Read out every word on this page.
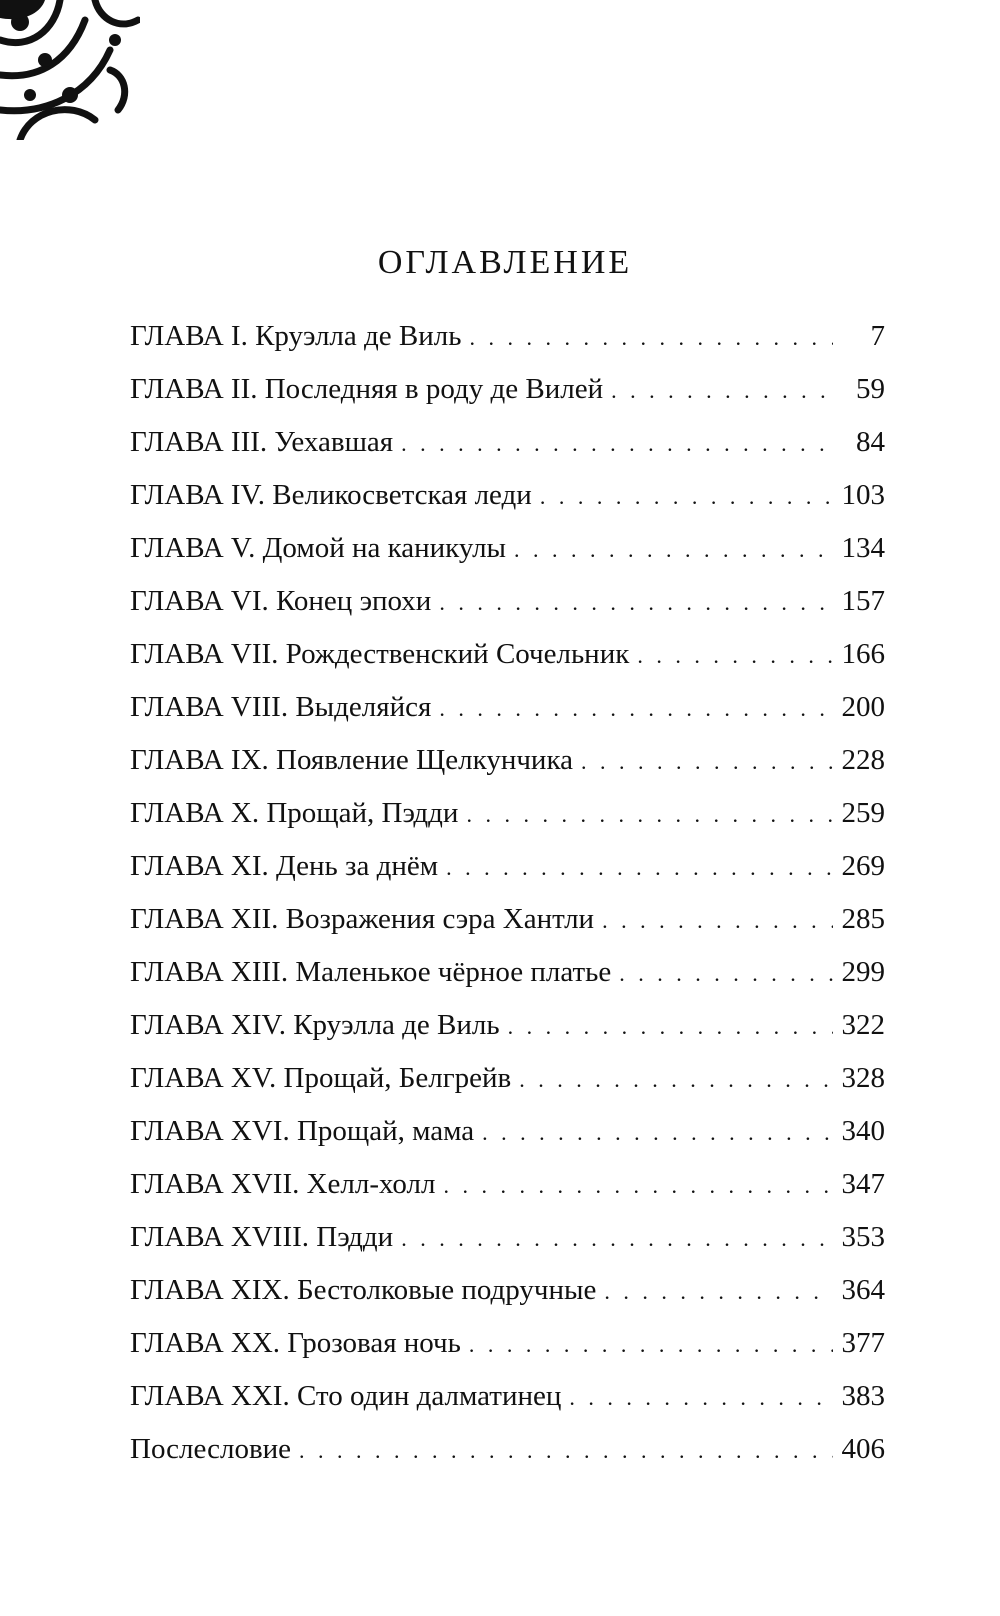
ОГЛАВЛЕНИЕ
ГЛАВА I. Круэлла де Виль . . .	7
ГЛАВА II. Последняя в роду де Вилей . . .	59
ГЛАВА III. Уехавшая . . .	84
ГЛАВА IV. Великосветская леди . . .	103
ГЛАВА V. Домой на каникулы . . .	134
ГЛАВА VI. Конец эпохи . . .	157
ГЛАВА VII. Рождественский Сочельник . . .	166
ГЛАВА VIII. Выделяйся . . .	200
ГЛАВА IX. Появление Щелкунчика . . .	228
ГЛАВА X. Прощай, Пэдди . . .	259
ГЛАВА XI. День за днём . . .	269
ГЛАВА XII. Возражения сэра Хантли . . .	285
ГЛАВА XIII. Маленькое чёрное платье . . .	299
ГЛАВА XIV. Круэлла де Виль . . .	322
ГЛАВА XV. Прощай, Белгрейв . . .	328
ГЛАВА XVI. Прощай, мама . . .	340
ГЛАВА XVII. Хелл-холл . . .	347
ГЛАВА XVIII. Пэдди . . .	353
ГЛАВА XIX. Бестолковые подручные . . .	364
ГЛАВА XX. Грозовая ночь . . .	377
ГЛАВА XXI. Сто один далматинец . . .	383
Послесловие . . .	406
